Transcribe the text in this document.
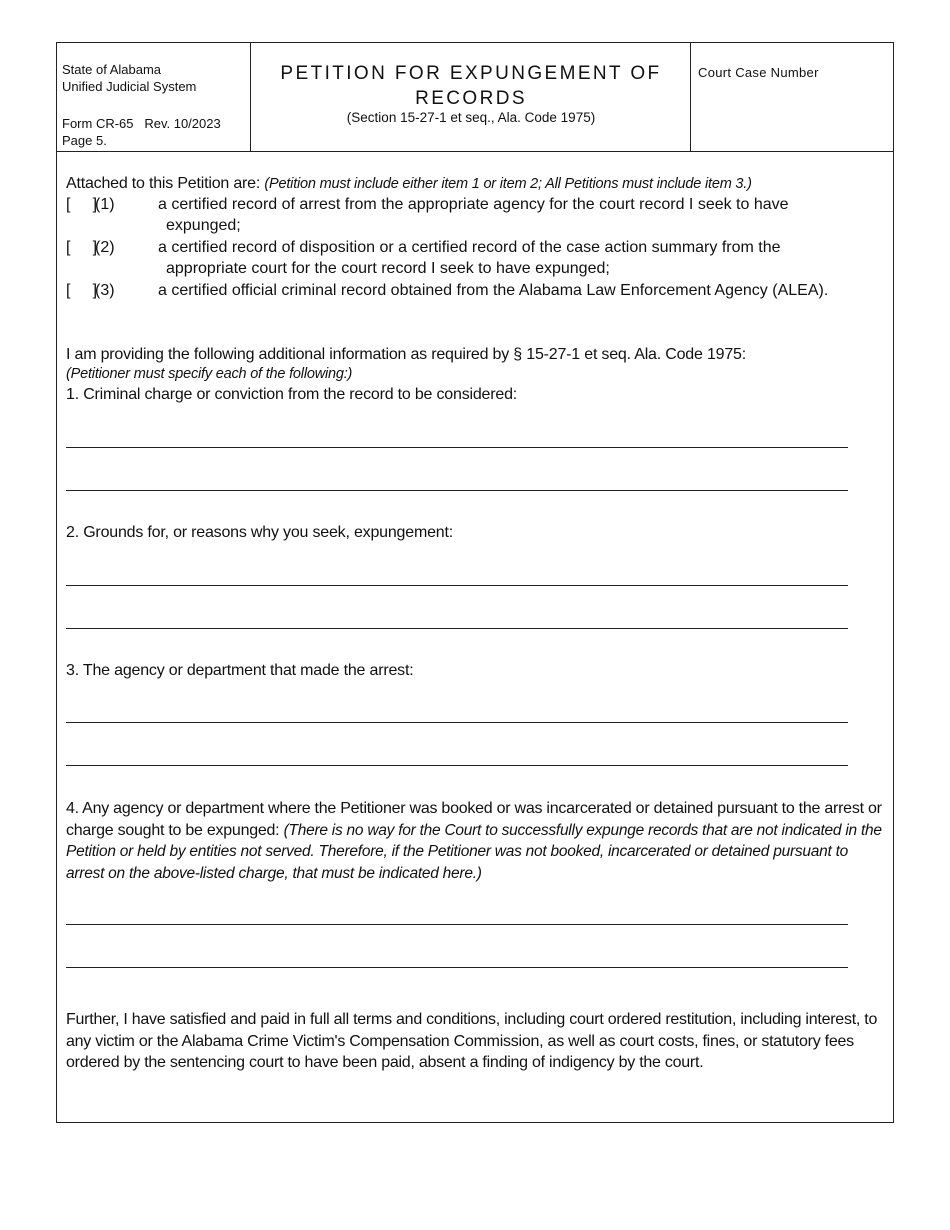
State of Alabama
Unified Judicial System
Form CR-65   Rev. 10/2023
Page 5.
PETITION FOR EXPUNGEMENT OF RECORDS
(Section 15-27-1 et seq., Ala. Code 1975)
Court Case Number
Attached to this Petition are: (Petition must include either item 1 or item 2; All Petitions must include item 3.)
[     ]
(1)	a certified record of arrest from the appropriate agency for the court record I seek to have
expunged;
[     ]
(2)	a certified record of disposition or a certified record of the case action summary from the
appropriate court for the court record I seek to have expunged;
[     ]
(3)	a certified official criminal record obtained from the Alabama Law Enforcement Agency (ALEA).
I am providing the following additional information as required by § 15-27-1 et seq. Ala. Code 1975:
(Petitioner must specify each of the following:)
1. Criminal charge or conviction from the record to be considered:
2. Grounds for, or reasons why you seek, expungement:
3. The agency or department that made the arrest:
4. Any agency or department where the Petitioner was booked or was incarcerated or detained pursuant to the arrest or charge sought to be expunged: (There is no way for the Court to successfully expunge records that are not indicated in the Petition or held by entities not served. Therefore, if the Petitioner was not booked, incarcerated or detained pursuant to arrest on the above-listed charge, that must be indicated here.)
Further, I have satisfied and paid in full all terms and conditions, including court ordered restitution, including interest, to any victim or the Alabama Crime Victim's Compensation Commission, as well as court costs, fines, or statutory fees ordered by the sentencing court to have been paid, absent a finding of indigency by the court.
